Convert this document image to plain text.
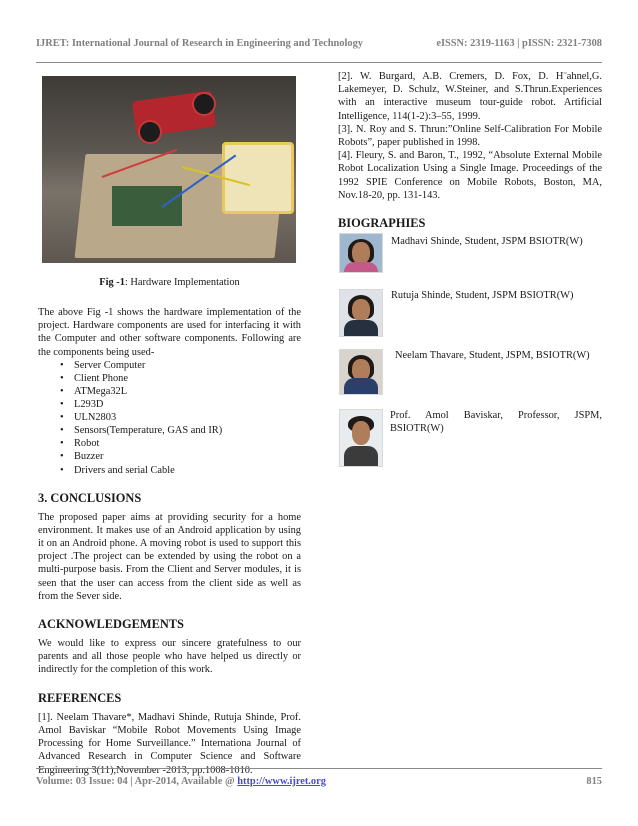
IJRET: International Journal of Research in Engineering and Technology	eISSN: 2319-1163 | pISSN: 2321-7308
Fig -1: Hardware Implementation

The above Fig -1 shows the hardware implementation of the project. Hardware components are used for interfacing it with the Computer and other software components. Following are the components being used-

• Server Computer
• Client Phone
• ATMega32L
• L293D
• ULN2803
• Sensors(Temperature, GAS and IR)
• Robot
• Buzzer
• Drivers and serial Cable
3. CONCLUSIONS

The proposed paper aims at providing security for a home environment. It makes use of an Android application by using it on an Android phone. A moving robot is used to support this project .The project can be extended by using the robot on a multi-purpose basis. From the Client and Server modules, it is seen that the user can access from the client side as well as from the Sever side.

ACKNOWLEDGEMENTS

We would like to express our sincere gratefulness to our parents and all those people who have helped us directly or indirectly for the completion of this work.

REFERENCES

[1]. Neelam Thavare*, Madhavi Shinde, Rutuja Shinde, Prof. Amol Baviskar “Mobile Robot Movements Using Image Processing for Home Surveillance.” Internationa Journal of Advanced Research in Computer Science and Software Engineering 3(11),November -2013, pp.1008-1010.

[2]. W. Burgard, A.B. Cremers, D. Fox, D. H¨ahnel,G. Lakemeyer, D. Schulz, W.Steiner, and S.Thrun.Experiences with an interactive museum tour-guide robot. Artificial Intelligence, 114(1-2):3–55, 1999.

[3]. N. Roy and S. Thrun:”Online Self-Calibration For Mobile Robots”, paper published in 1998.

[4]. Fleury, S. and Baron, T., 1992, “Absolute External Mobile Robot Localization Using a Single Image. Proceedings of the 1992 SPIE Conference on Mobile Robots, Boston, MA, Nov.18-20, pp. 131-143.

BIOGRAPHIES
Madhavi Shinde, Student, JSPM BSIOTR(W)
Rutuja Shinde, Student, JSPM BSIOTR(W)
Neelam Thavare, Student, JSPM, BSIOTR(W)
Prof. Amol Baviskar, Professor, JSPM, BSIOTR(W)
Volume: 03 Issue: 04 | Apr-2014, Available @ http://www.ijret.org	815
